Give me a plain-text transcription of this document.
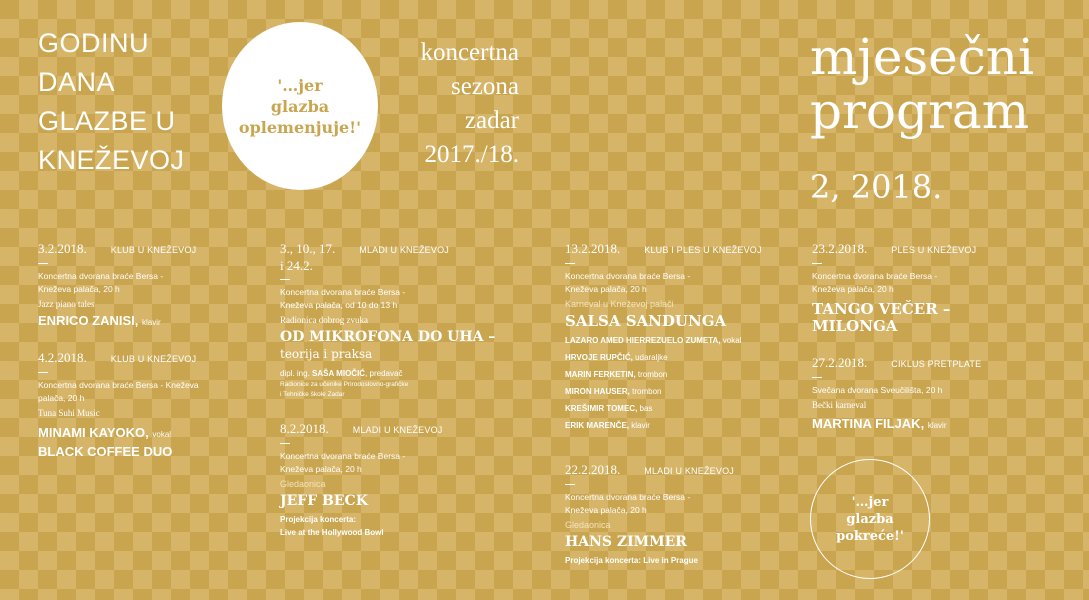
GODINU
DANA
GLAZBE U
KNEŽEVOJ
'…jer
glazba
oplemenjuje!'
koncertna
sezona
zadar
2017./18.
mjesečni
program
2, 2018.
3.2.2018.	KLUB U KNEŽEVOJ
Koncertna dvorana braće Bersa -
Kneževa palača, 20 h
Jazz piano tales
ENRICO ZANISI, klavir
4.2.2018.	KLUB U KNEŽEVOJ
Koncertna dvorana braće Bersa - Kneževa
palača, 20 h
Tuna Suhi Music
MINAMI KAYOKO, vokal
BLACK COFFEE DUO
3., 10., 17.	MLADI U KNEŽEVOJ
i 24.2.
Koncertna dvorana braće Bersa -
Kneževa palača, od 10 do 13 h
Radionica dobrog zvuka
OD MIKROFONA DO UHA –
teorija i praksa
dipl. ing. SAŠA MIOČIĆ, predavač
Radionice za učenike Prirodoslovno-grafičke
i Tehničke škole Zadar
8.2.2018.	MLADI U KNEŽEVOJ
Koncertna dvorana braće Bersa -
Kneževa palača, 20 h
Gledaonica
JEFF BECK
Projekcija koncerta:
Live at the Hollywood Bowl
13.2.2018.	KLUB I PLES U KNEŽEVOJ
Koncertna dvorana braće Bersa -
Kneževa palača, 20 h
Karneval u Kneževoj palači
SALSA SANDUNGA
LAZARO AMED HIERREZUELO ZUMETA, vokal
HRVOJE RUPČIĆ, udaraljke
MARIN FERKETIN, trombon
MIRON HAUSER, trombon
KREŠIMIR TOMEC, bas
ERIK MARENČE, klavir
22.2.2018.	MLADI U KNEŽEVOJ
Koncertna dvorana braće Bersa -
Kneževa palača, 20 h
Gledaonica
HANS ZIMMER
Projekcija koncerta: Live in Prague
23.2.2018.	PLES U KNEŽEVOJ
Koncertna dvorana braće Bersa -
Kneževa palača, 20 h
TANGO VEČER –
MILONGA
27.2.2018.	CIKLUS PRETPLATE
Svečana dvorana Sveučilišta, 20 h
Bečki karneval
MARTINA FILJAK, klavir
'…jer
glazba
pokreće!'
